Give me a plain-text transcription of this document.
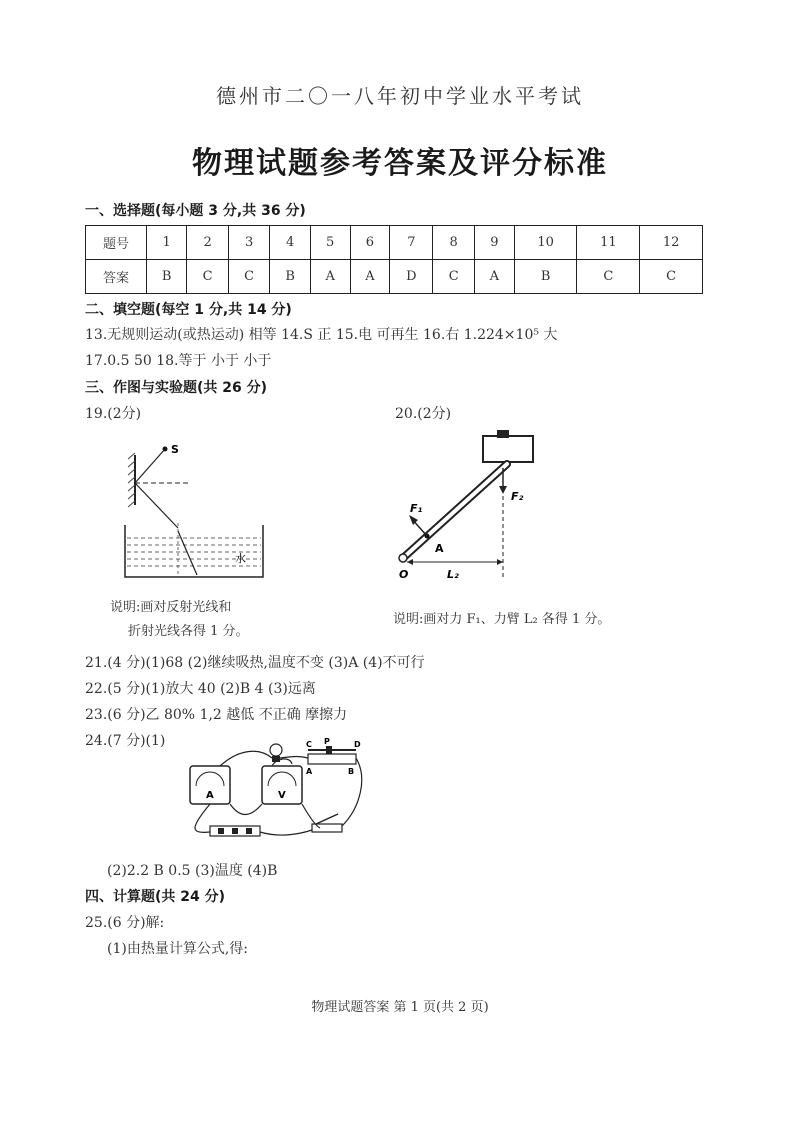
德州市二〇一八年初中学业水平考试
物理试题参考答案及评分标准
一、选择题(每小题 3 分,共 36 分)
题号	1	2	3	4	5	6	7	8	9	10	11	12
答案	B	C	C	B	A	A	D	C	A	B	C	C
二、填空题(每空 1 分,共 14 分)
13.无规则运动(或热运动) 相等 14.S 正 15.电 可再生 16.右 1.224×10⁵ 大
17.0.5 50 18.等于 小于 小于
三、作图与实验题(共 26 分)
19.(2分)	20.(2分)
S
水
说明:画对反射光线和
折射光线各得 1 分。
O
A
F₁
F₂
L₂
说明:画对力 F₁、力臂 L₂ 各得 1 分。
21.(4 分)(1)68 (2)继续吸热,温度不变 (3)A (4)不可行
22.(5 分)(1)放大 40 (2)B 4 (3)远离
23.(6 分)乙 80% 1,2 越低 不正确 摩擦力
24.(7 分)(1)
A	V
C P	D
A	B
(2)2.2 B 0.5 (3)温度 (4)B
四、计算题(共 24 分)
25.(6 分)解:
(1)由热量计算公式,得:
物理试题答案 第 1 页(共 2 页)
